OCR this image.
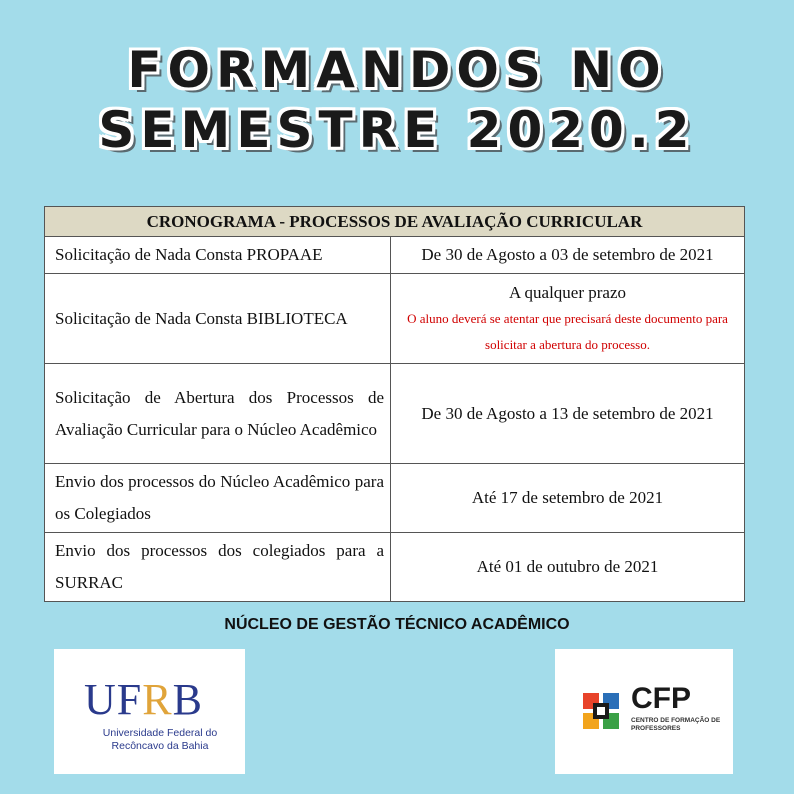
FORMANDOS NO
SEMESTRE 2020.2
CRONOGRAMA - PROCESSOS DE AVALIAÇÃO CURRICULAR	
Solicitação de Nada Consta PROPAAE	De 30 de Agosto a 03 de setembro de 2021
Solicitação de Nada Consta BIBLIOTECA	A qualquer prazo
O aluno deverá se atentar que precisará deste documento para solicitar a abertura do processo.

Solicitação de Abertura dos Processos de Avaliação Curricular para o Núcleo Acadêmico	De 30 de Agosto a 13 de setembro de 2021
Envio dos processos do Núcleo Acadêmico para os Colegiados	Até 17 de setembro de 2021
Envio dos processos dos colegiados para a SURRAC	Até 01 de outubro de 2021
NÚCLEO DE GESTÃO TÉCNICO ACADÊMICO
UFRB
Universidade Federal do
Recôncavo da Bahia
CFP
CENTRO DE FORMAÇÃO DE PROFESSORES
